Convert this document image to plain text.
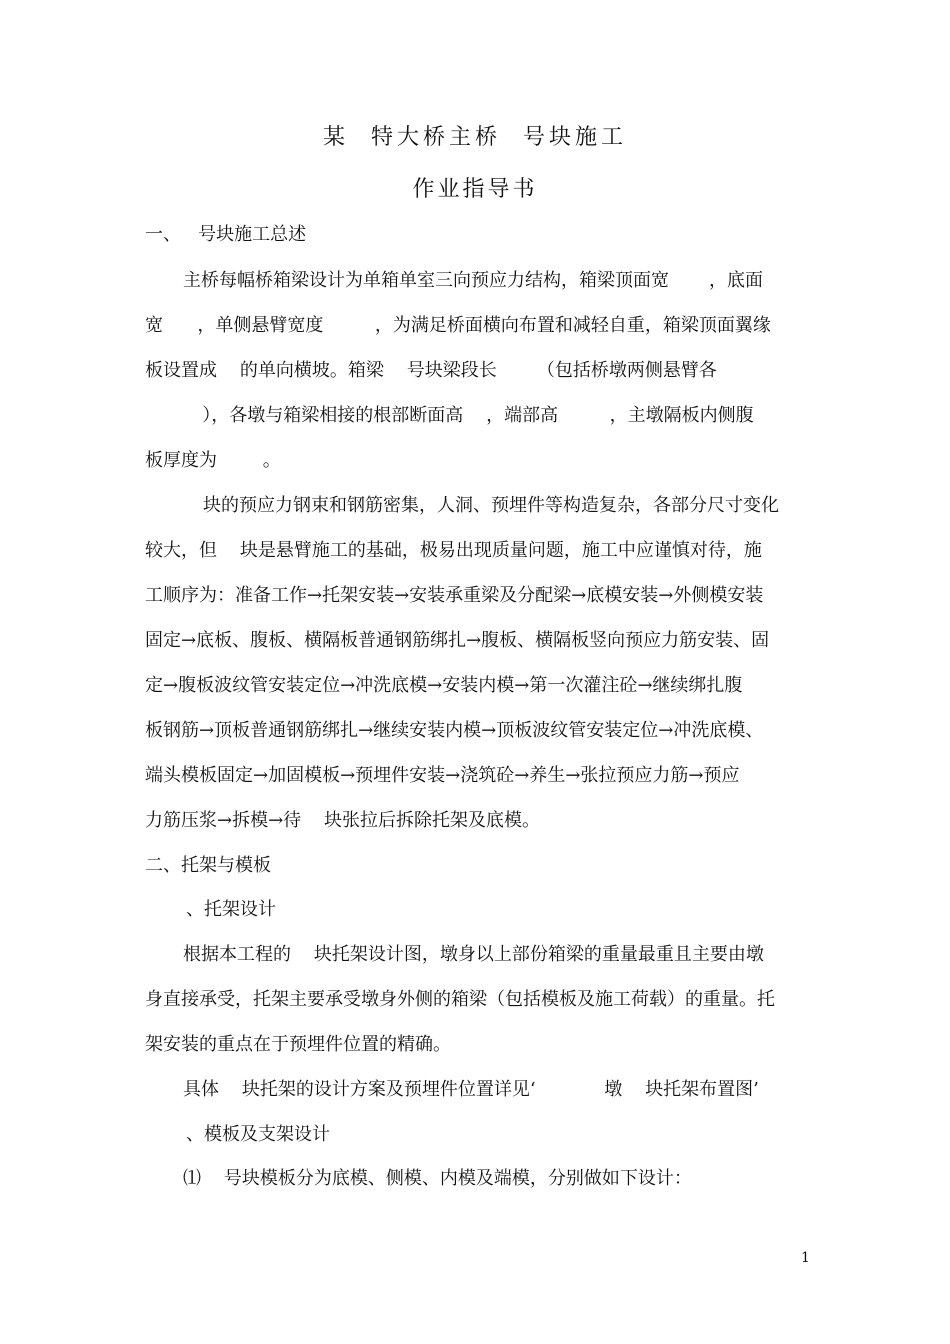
某  特大桥主桥  号块施工
作业指导书
一、   号块施工总述
主桥每幅桥箱梁设计为单箱单室三向预应力结构，箱梁顶面宽       ，底面
宽      ，单侧悬臂宽度         ，为满足桥面横向布置和减轻自重，箱梁顶面翼缘
板设置成    的单向横坡。箱梁    号块梁段长       （包括桥墩两侧悬臂各
），各墩与箱梁相接的根部断面高    ，端部高         ，主墩隔板内侧腹
板厚度为        。
块的预应力钢束和钢筋密集，人洞、预埋件等构造复杂，各部分尺寸变化
较大，但    块是悬臂施工的基础，极易出现质量问题，施工中应谨慎对待，施
工顺序为：准备工作→托架安装→安装承重梁及分配梁→底模安装→外侧模安装
固定→底板、腹板、横隔板普通钢筋绑扎→腹板、横隔板竖向预应力筋安装、固
定→腹板波纹管安装定位→冲洗底模→安装内模→第一次灌注砼→继续绑扎腹
板钢筋→顶板普通钢筋绑扎→继续安装内模→顶板波纹管安装定位→冲洗底模、
端头模板固定→加固模板→预埋件安装→浇筑砼→养生→张拉预应力筋→预应
力筋压浆→拆模→待    块张拉后拆除托架及底模。
二、托架与模板
、托架设计
根据本工程的    块托架设计图，墩身以上部份箱梁的重量最重且主要由墩
身直接承受，托架主要承受墩身外侧的箱梁（包括模板及施工荷载）的重量。托
架安装的重点在于预埋件位置的精确。
具体    块托架的设计方案及预埋件位置详见‘            墩    块托架布置图’
、模板及支架设计
⑴    号块模板分为底模、侧模、内模及端模，分别做如下设计：
1
